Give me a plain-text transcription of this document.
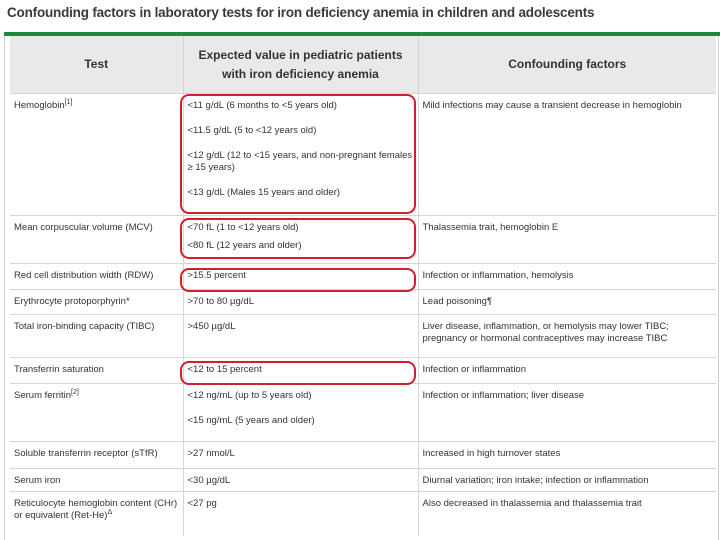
Confounding factors in laboratory tests for iron deficiency anemia in children and adolescents
Test	Expected value in pediatric patients with iron deficiency anemia	Confounding factors
Hemoglobin[1]	<11 g/dL (6 months to <5 years old)

<11.5 g/dL (5 to <12 years old)

<12 g/dL (12 to <15 years, and non-pregnant females ≥ 15 years)

<13 g/dL (Males 15 years and older)	Mild infections may cause a transient decrease in hemoglobin
Mean corpuscular volume (MCV)	<70 fL (1 to <12 years old)

<80 fL (12 years and older)	Thalassemia trait, hemoglobin E
Red cell distribution width (RDW)	>15.5 percent	Infection or inflammation, hemolysis
Erythrocyte protoporphyrin*	>70 to 80 µg/dL	Lead poisoning¶
Total iron-binding capacity (TIBC)	>450 µg/dL	Liver disease, inflammation, or hemolysis may lower TIBC; pregnancy or hormonal contraceptives may increase TIBC
Transferrin saturation	<12 to 15 percent	Infection or inflammation
Serum ferritin[2]	<12 ng/mL (up to 5 years old)

<15 ng/mL (5 years and older)	Infection or inflammation; liver disease
Soluble transferrin receptor (sTfR)	>27 nmol/L	Increased in high turnover states
Serum iron	<30 µg/dL	Diurnal variation; iron intake; infection or inflammation
Reticulocyte hemoglobin content (CHr) or equivalent $(Ret-He)^\Delta$	<27 pg	Also decreased in thalassemia and thalassemia trait
